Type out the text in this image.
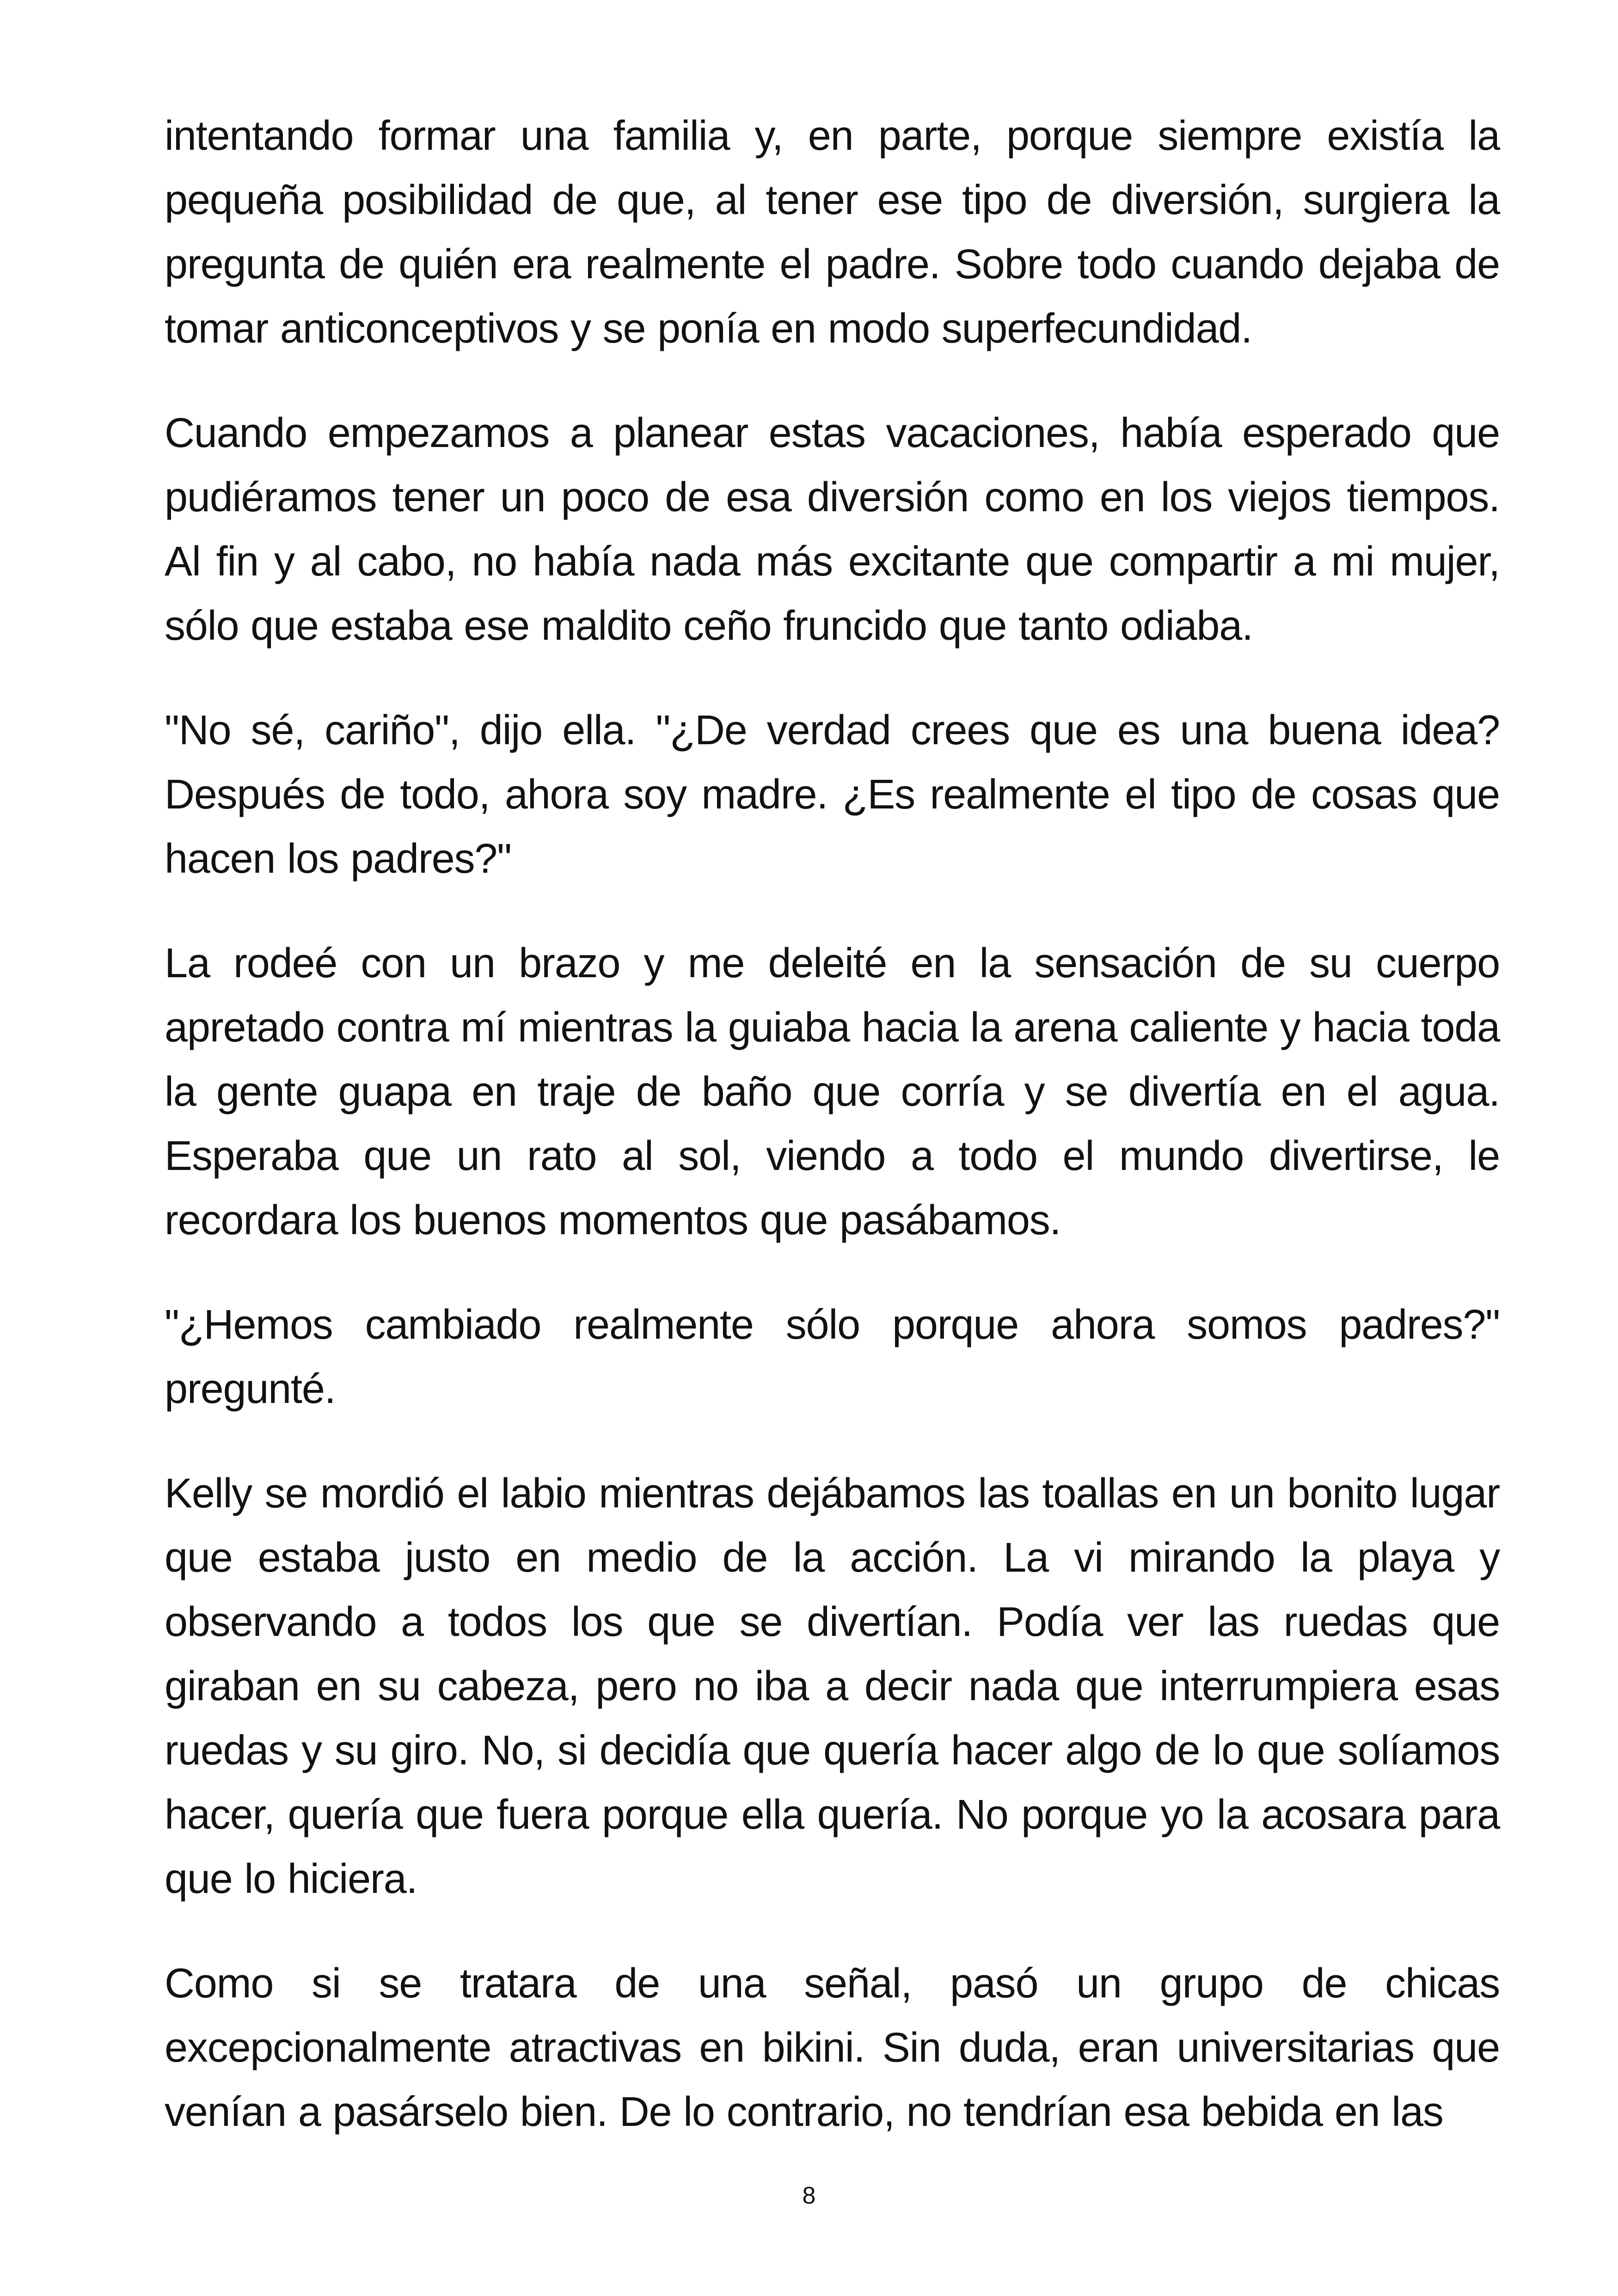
intentando formar una familia y, en parte, porque siempre existía la pequeña posibilidad de que, al tener ese tipo de diversión, surgiera la pregunta de quién era realmente el padre. Sobre todo cuando dejaba de tomar anticonceptivos y se ponía en modo superfecundidad.

Cuando empezamos a planear estas vacaciones, había esperado que pudiéramos tener un poco de esa diversión como en los viejos tiempos. Al fin y al cabo, no había nada más excitante que compartir a mi mujer, sólo que estaba ese maldito ceño fruncido que tanto odiaba.

"No sé, cariño", dijo ella. "¿De verdad crees que es una buena idea? Después de todo, ahora soy madre. ¿Es realmente el tipo de cosas que hacen los padres?"

La rodeé con un brazo y me deleité en la sensación de su cuerpo apretado contra mí mientras la guiaba hacia la arena caliente y hacia toda la gente guapa en traje de baño que corría y se divertía en el agua. Esperaba que un rato al sol, viendo a todo el mundo divertirse, le recordara los buenos momentos que pasábamos.

"¿Hemos cambiado realmente sólo porque ahora somos padres?" pregunté.

Kelly se mordió el labio mientras dejábamos las toallas en un bonito lugar que estaba justo en medio de la acción. La vi mirando la playa y observando a todos los que se divertían. Podía ver las ruedas que giraban en su cabeza, pero no iba a decir nada que interrumpiera esas ruedas y su giro. No, si decidía que quería hacer algo de lo que solíamos hacer, quería que fuera porque ella quería. No porque yo la acosara para que lo hiciera.

Como si se tratara de una señal, pasó un grupo de chicas excepcionalmente atractivas en bikini. Sin duda, eran universitarias que venían a pasárselo bien. De lo contrario, no tendrían esa bebida en las

8
